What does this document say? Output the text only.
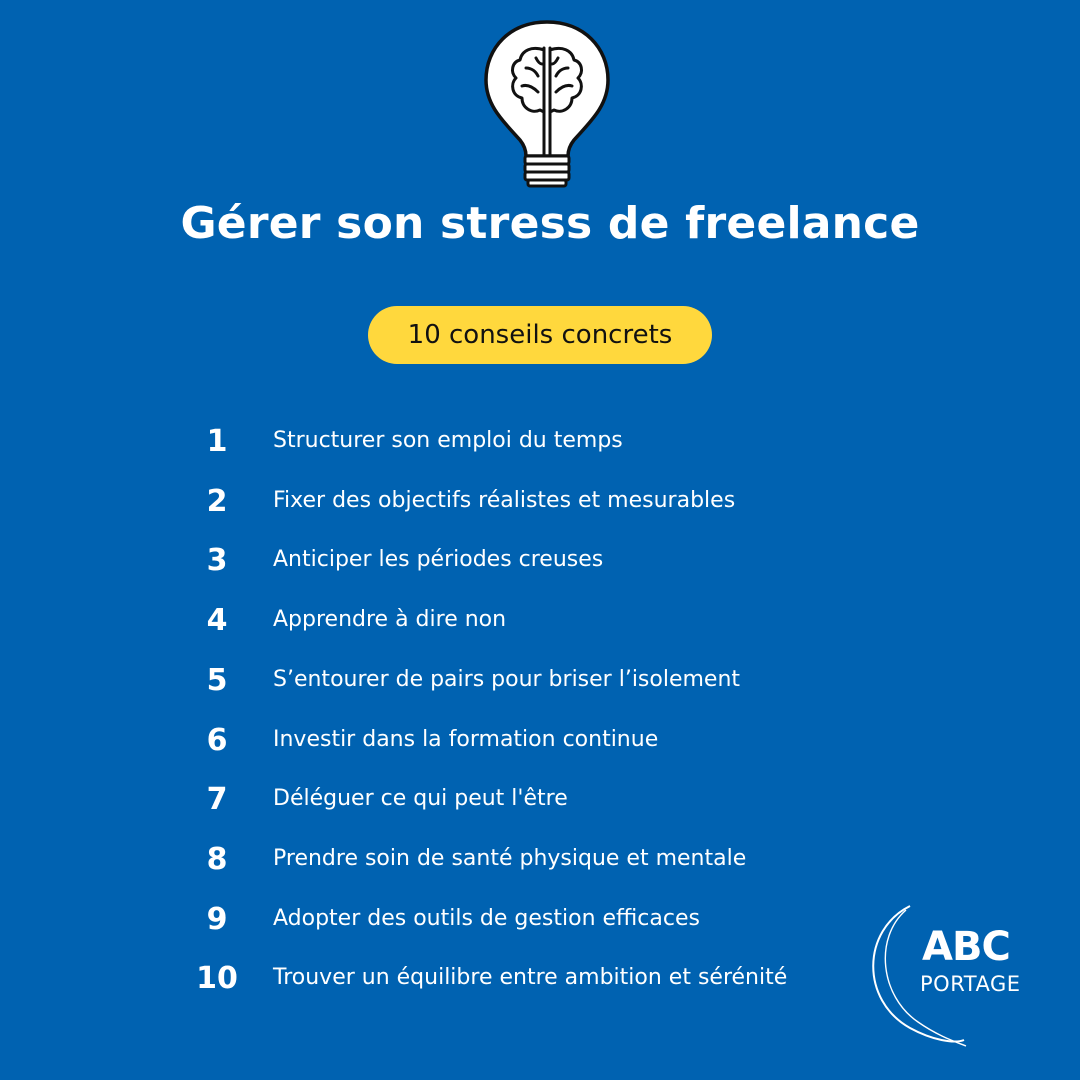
Gérer son stress de freelance
10 conseils concrets
1	Structurer son emploi du temps
2	Fixer des objectifs réalistes et mesurables
3	Anticiper les périodes creuses
4	Apprendre à dire non
5	S’entourer de pairs pour briser l’isolement
6	Investir dans la formation continue
7	Déléguer ce qui peut l'être
8	Prendre soin de santé physique et mentale
9	Adopter des outils de gestion efficaces
10	Trouver un équilibre entre ambition et sérénité
ABC
PORTAGE
